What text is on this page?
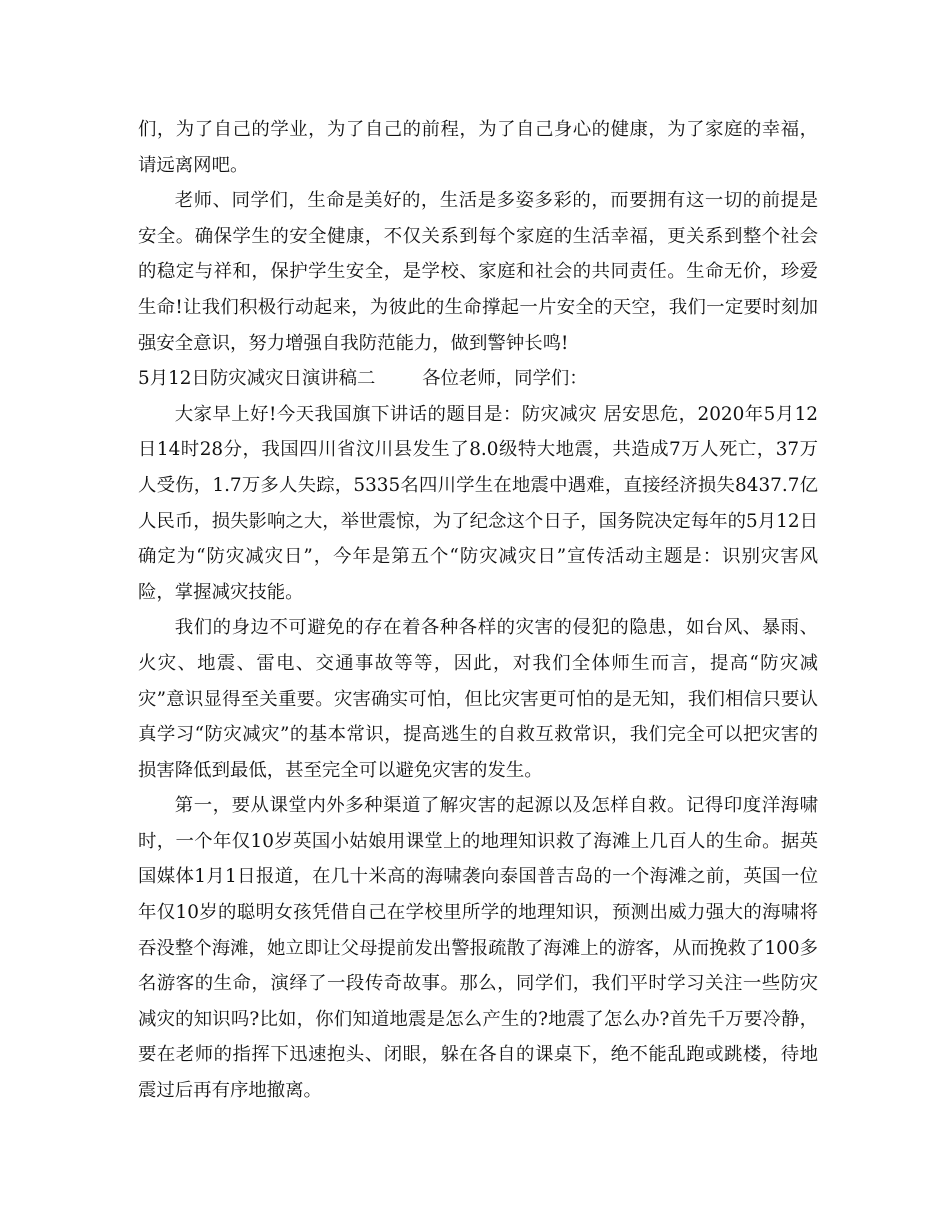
们，为了自己的学业，为了自己的前程，为了自己身心的健康，为了家庭的幸福，请远离网吧。

老师、同学们，生命是美好的，生活是多姿多彩的，而要拥有这一切的前提是安全。确保学生的安全健康，不仅关系到每个家庭的生活幸福，更关系到整个社会的稳定与祥和，保护学生安全，是学校、家庭和社会的共同责任。生命无价，珍爱生命!让我们积极行动起来，为彼此的生命撑起一片安全的天空，我们一定要时刻加强安全意识，努力增强自我防范能力，做到警钟长鸣!

5月12日防灾减灾日演讲稿二        各位老师，同学们：

大家早上好!今天我国旗下讲话的题目是：防灾减灾 居安思危，2020年5月12日14时28分，我国四川省汶川县发生了8.0级特大地震，共造成7万人死亡，37万人受伤，1.7万多人失踪，5335名四川学生在地震中遇难，直接经济损失8437.7亿人民币，损失影响之大，举世震惊，为了纪念这个日子，国务院决定每年的5月12日确定为“防灾减灾日”，今年是第五个“防灾减灾日”宣传活动主题是：识别灾害风险，掌握减灾技能。

我们的身边不可避免的存在着各种各样的灾害的侵犯的隐患，如台风、暴雨、火灾、地震、雷电、交通事故等等，因此，对我们全体师生而言，提高“防灾减灾”意识显得至关重要。灾害确实可怕，但比灾害更可怕的是无知，我们相信只要认真学习“防灾减灾”的基本常识，提高逃生的自救互救常识，我们完全可以把灾害的损害降低到最低，甚至完全可以避免灾害的发生。

第一，要从课堂内外多种渠道了解灾害的起源以及怎样自救。记得印度洋海啸时，一个年仅10岁英国小姑娘用课堂上的地理知识救了海滩上几百人的生命。据英国媒体1月1日报道，在几十米高的海啸袭向泰国普吉岛的一个海滩之前，英国一位年仅10岁的聪明女孩凭借自己在学校里所学的地理知识，预测出威力强大的海啸将吞没整个海滩，她立即让父母提前发出警报疏散了海滩上的游客，从而挽救了100多名游客的生命，演绎了一段传奇故事。那么，同学们，我们平时学习关注一些防灾减灾的知识吗?比如，你们知道地震是怎么产生的?地震了怎么办?首先千万要冷静，要在老师的指挥下迅速抱头、闭眼，躲在各自的课桌下，绝不能乱跑或跳楼，待地震过后再有序地撤离。
